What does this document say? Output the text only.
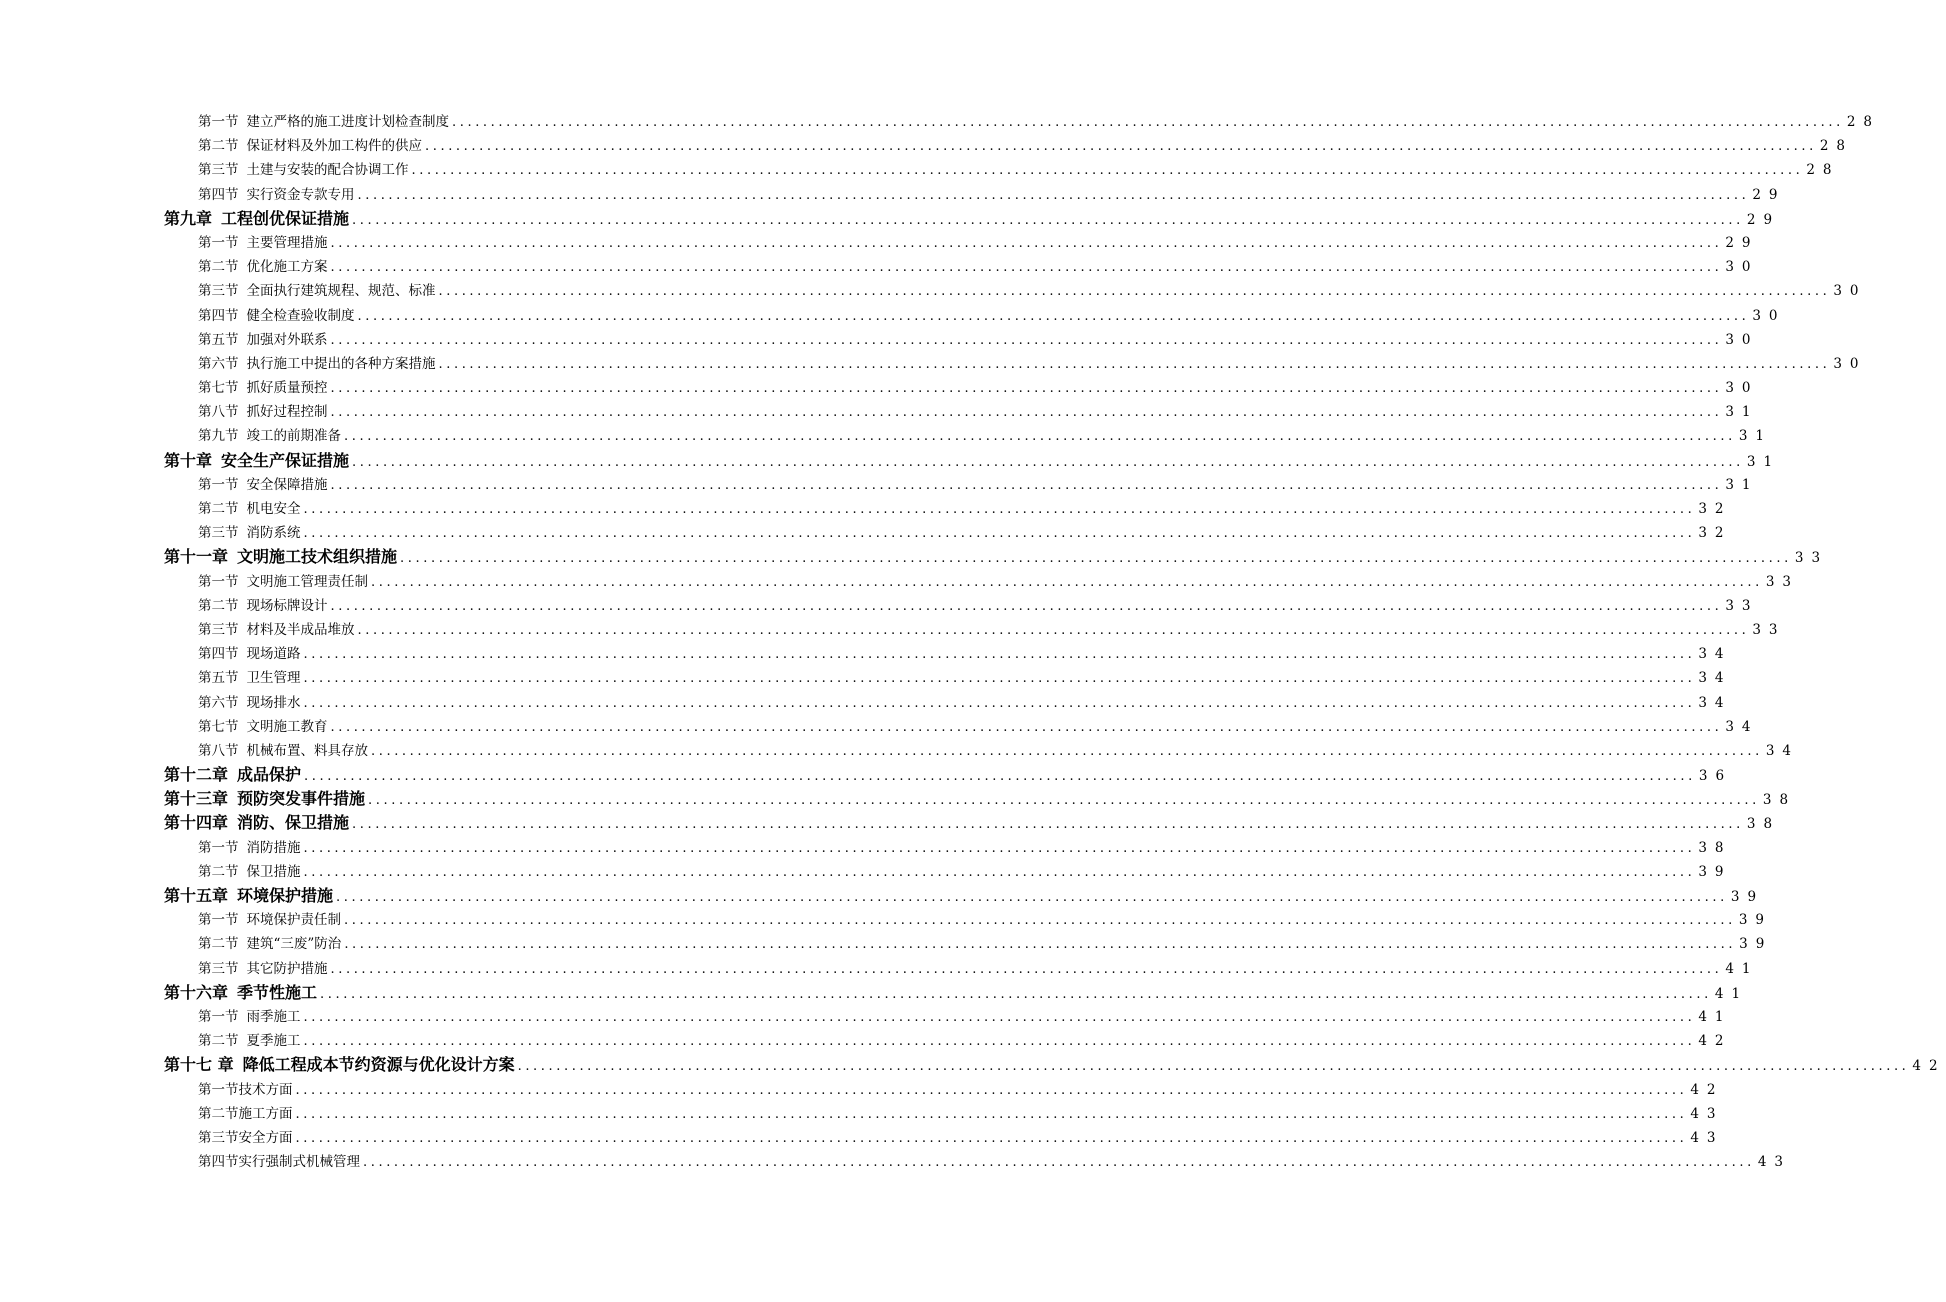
第一节 建立严格的施工进度计划检查制度 .....	28
第二节 保证材料及外加工构件的供应 .....	28
第三节 土建与安装的配合协调工作 .....	28
第四节 实行资金专款专用 .....	29
第九章 工程创优保证措施 .....	29
第一节 主要管理措施 .....	29
第二节 优化施工方案 .....	30
第三节 全面执行建筑规程、规范、标准 .....	30
第四节 健全检查验收制度 .....	30
第五节 加强对外联系 .....	30
第六节 执行施工中提出的各种方案措施 .....	30
第七节 抓好质量预控 .....	30
第八节 抓好过程控制 .....	31
第九节 竣工的前期准备 .....	31
第十章 安全生产保证措施 .....	31
第一节 安全保障措施 .....	31
第二节 机电安全 .....	32
第三节 消防系统 .....	32
第十一章 文明施工技术组织措施 .....	33
第一节 文明施工管理责任制 .....	33
第二节 现场标牌设计 .....	33
第三节 材料及半成品堆放 .....	33
第四节 现场道路 .....	34
第五节 卫生管理 .....	34
第六节 现场排水 .....	34
第七节 文明施工教育 .....	34
第八节 机械布置、料具存放 .....	34
第十二章 成品保护 .....	36
第十三章 预防突发事件措施 .....	38
第十四章 消防、保卫措施 .....	38
第一节 消防措施 .....	38
第二节 保卫措施 .....	39
第十五章 环境保护措施 .....	39
第一节 环境保护责任制 .....	39
第二节 建筑“三废”防治 .....	39
第三节 其它防护措施 .....	41
第十六章 季节性施工 .....	41
第一节 雨季施工 .....	41
第二节 夏季施工 .....	42
第十七 章 降低工程成本节约资源与优化设计方案 .....	42
第一节技术方面 .....	42
第二节施工方面 .....	43
第三节安全方面 .....	43
第四节实行强制式机械管理 .....	43
